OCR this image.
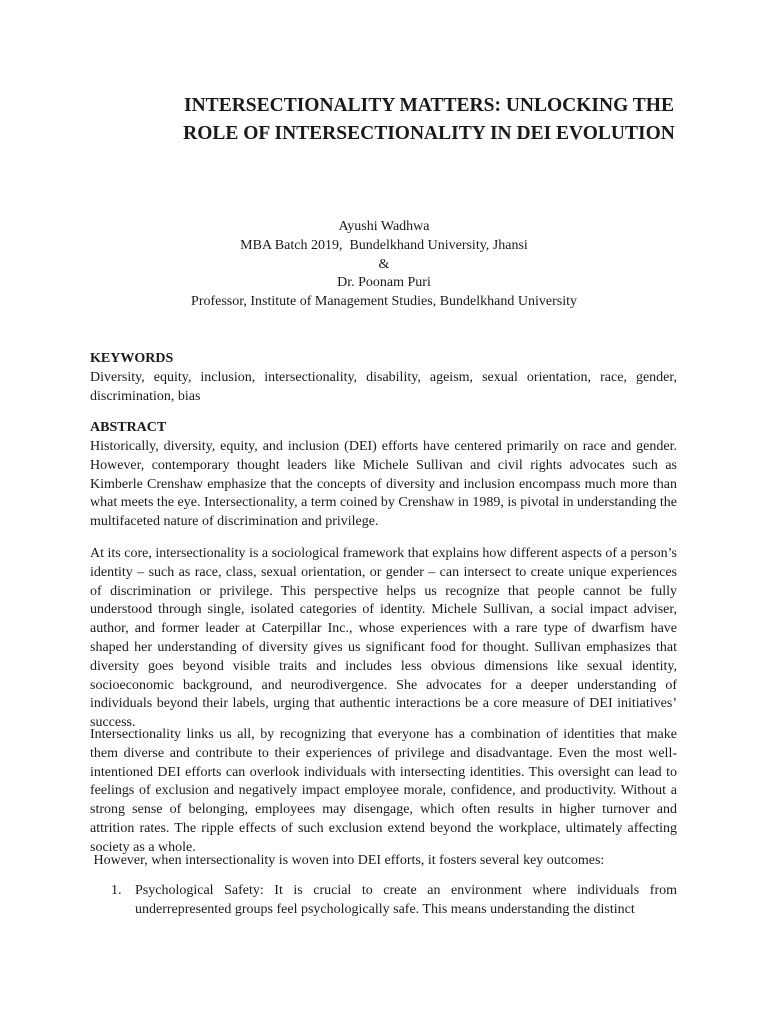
INTERSECTIONALITY MATTERS: UNLOCKING THE ROLE OF INTERSECTIONALITY IN DEI EVOLUTION
Ayushi Wadhwa
MBA Batch 2019,  Bundelkhand University, Jhansi
&
Dr. Poonam Puri
Professor, Institute of Management Studies, Bundelkhand University
KEYWORDS
Diversity, equity, inclusion, intersectionality, disability, ageism, sexual orientation, race, gender, discrimination, bias
ABSTRACT
Historically, diversity, equity, and inclusion (DEI) efforts have centered primarily on race and gender. However, contemporary thought leaders like Michele Sullivan and civil rights advocates such as Kimberle Crenshaw emphasize that the concepts of diversity and inclusion encompass much more than what meets the eye. Intersectionality, a term coined by Crenshaw in 1989, is pivotal in understanding the multifaceted nature of discrimination and privilege.
At its core, intersectionality is a sociological framework that explains how different aspects of a person’s identity – such as race, class, sexual orientation, or gender – can intersect to create unique experiences of discrimination or privilege. This perspective helps us recognize that people cannot be fully understood through single, isolated categories of identity. Michele Sullivan, a social impact adviser, author, and former leader at Caterpillar Inc., whose experiences with a rare type of dwarfism have shaped her understanding of diversity gives us significant food for thought. Sullivan emphasizes that diversity goes beyond visible traits and includes less obvious dimensions like sexual identity, socioeconomic background, and neurodivergence. She advocates for a deeper understanding of individuals beyond their labels, urging that authentic interactions be a core measure of DEI initiatives’ success.
Intersectionality links us all, by recognizing that everyone has a combination of identities that make them diverse and contribute to their experiences of privilege and disadvantage. Even the most well-intentioned DEI efforts can overlook individuals with intersecting identities. This oversight can lead to feelings of exclusion and negatively impact employee morale, confidence, and productivity. Without a strong sense of belonging, employees may disengage, which often results in higher turnover and attrition rates. The ripple effects of such exclusion extend beyond the workplace, ultimately affecting society as a whole.
However, when intersectionality is woven into DEI efforts, it fosters several key outcomes:
1. Psychological Safety: It is crucial to create an environment where individuals from underrepresented groups feel psychologically safe. This means understanding the distinct
